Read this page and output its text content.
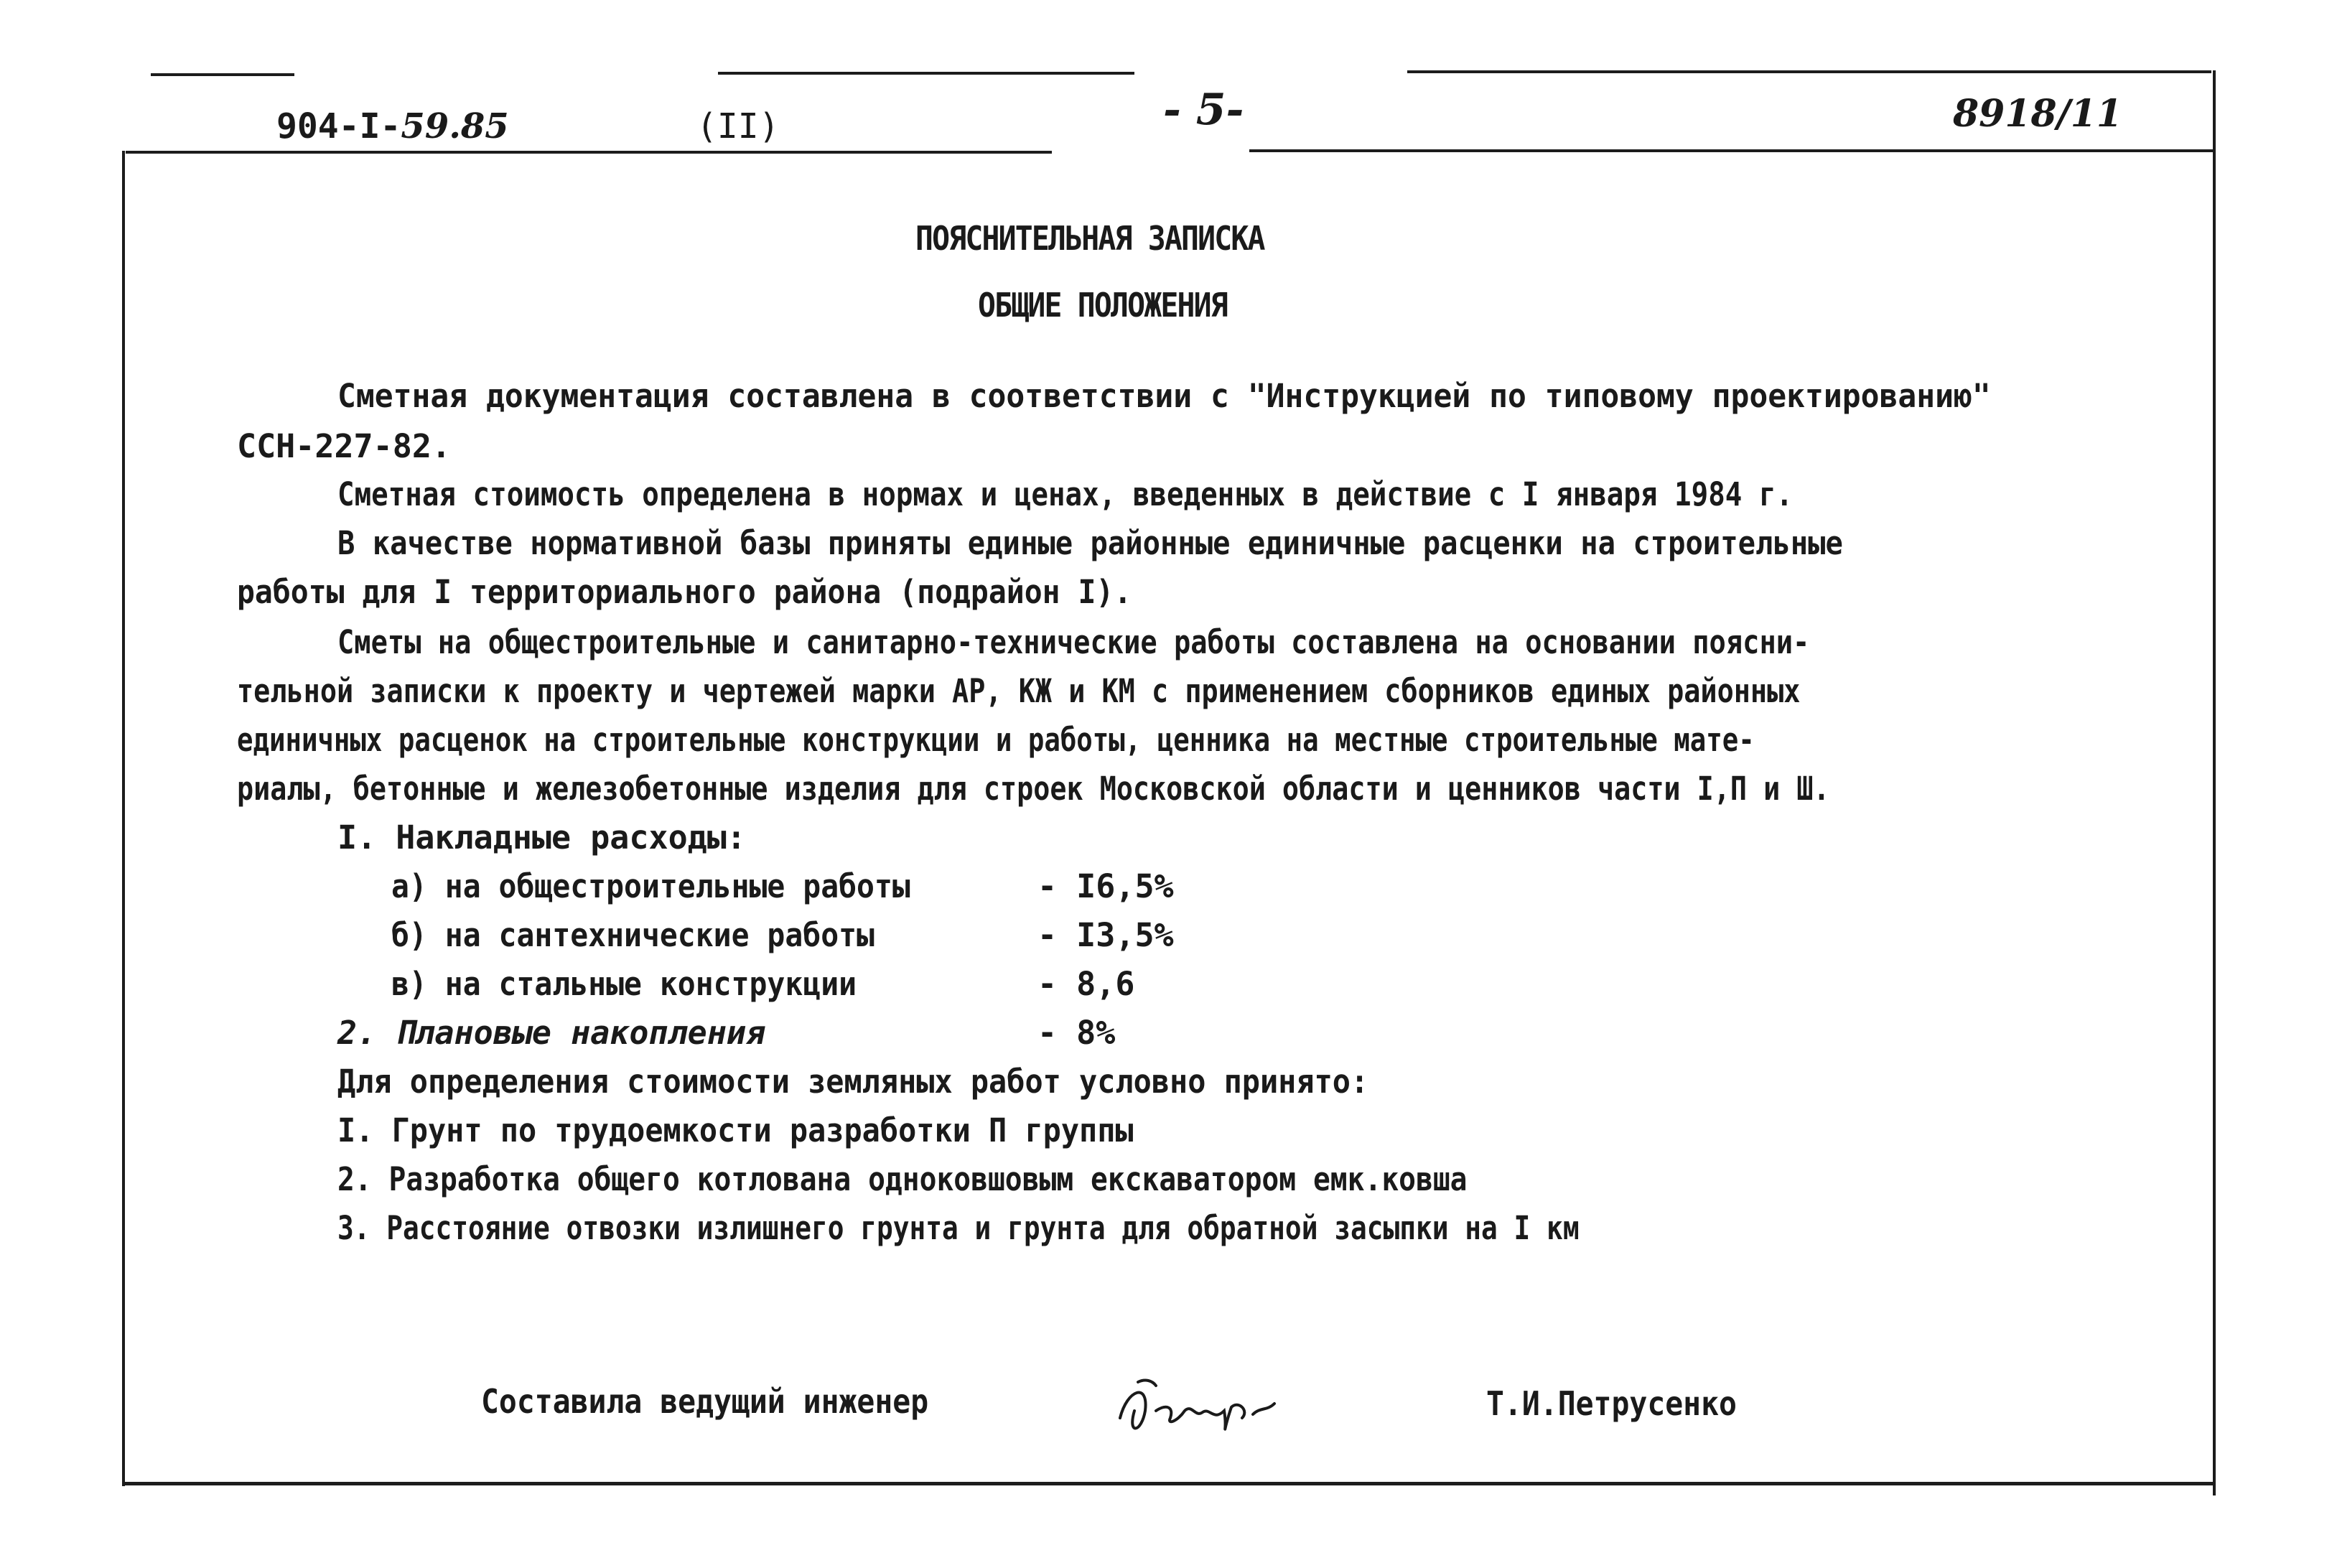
904-I-59.85	(II)	- 5-	8918/11
ПОЯСНИТЕЛЬНАЯ ЗАПИСКА
ОБЩИЕ ПОЛОЖЕНИЯ
Сметная документация составлена в соответствии с "Инструкцией по типовому проектированию"
ССН-227-82.
Сметная стоимость определена в нормах и ценах, введенных в действие с I января 1984 г.
В качестве нормативной базы приняты единые районные единичные расценки на строительные
работы для I территориального района (подрайон I).
Сметы на общестроительные и санитарно-технические работы составлена на основании поясни-
тельной записки к проекту и чертежей марки АР, КЖ и КМ с применением сборников единых районных
единичных расценок на строительные конструкции и работы, ценника на местные строительные мате-
риалы, бетонные и железобетонные изделия для строек Московской области и ценников части I,П и Ш.
I. Накладные расходы:
а) на общестроительные работы	- I6,5%
б) на сантехнические работы	- I3,5%
в) на стальные конструкции	- 8,6
2. Плановые накопления	- 8%
Для определения стоимости земляных работ условно принято:
I. Грунт по трудоемкости разработки П группы
2. Разработка общего котлована одноковшовым екскаватором емк.ковша
3. Расстояние отвозки излишнего грунта и грунта для обратной засыпки на I км
Составила ведущий инженер	Т.И.Петрусенко
